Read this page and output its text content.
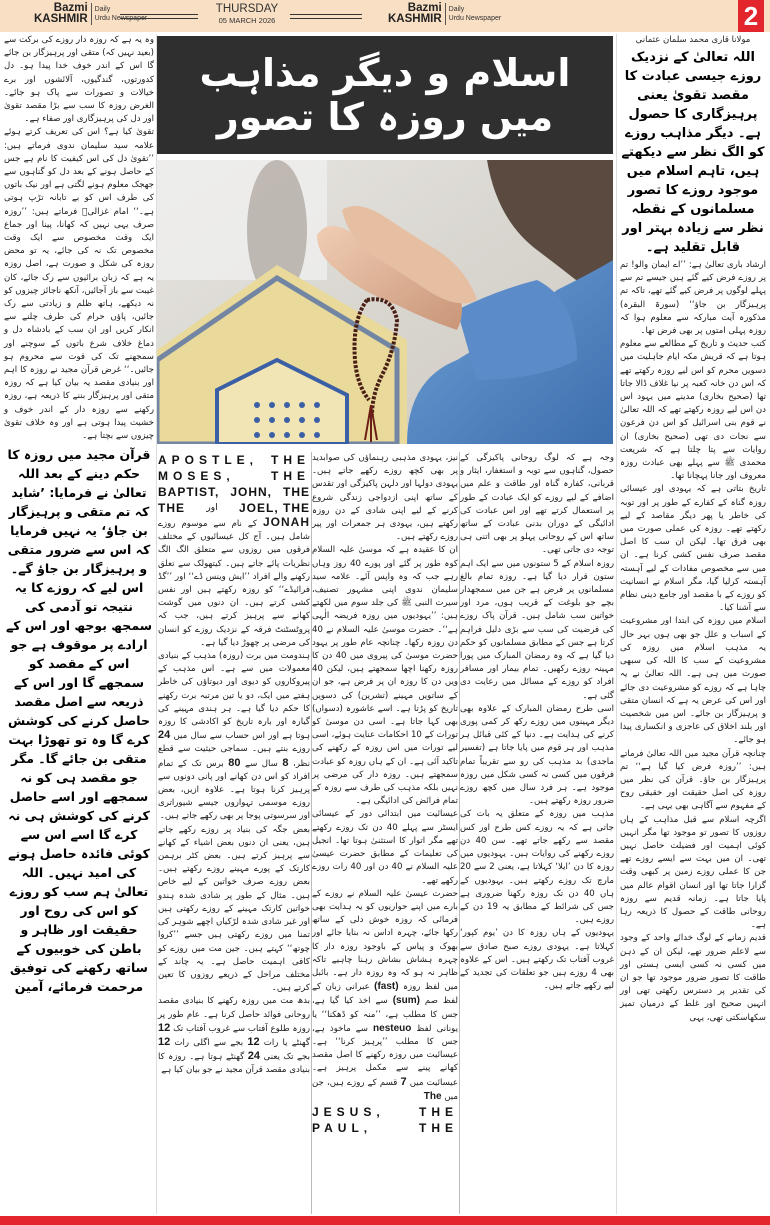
Bazmi
KASHMIR
Daily
Urdu Newspaper
THURSDAY
05 MARCH 2026
Bazmi
KASHMIR
Daily
Urdu Newspaper	2
اسلام و دیگر مذاہب میں روزہ کا تصور

وہ یہ ہے کہ روزہ دار روزے کی برکت سے (بعید نہیں کہ) متقی اور پرہیزگار بن جائے گا اس کے اندر خوف خدا پیدا ہو۔ دل کدورتوں، گندگیوں، آلائشوں اور برے خیالات و تصورات سے پاک ہو جائے۔ الغرض روزہ کا سب سے بڑا مقصد تقویٰ اور دل کی پرہیزگاری اور صفاء ہے۔

تقویٰ کیا ہے؟ اس کی تعریف کرتے ہوئے علامہ سید سلیمان ندوی فرماتے ہیں: ’’تقویٰ دل کی اس کیفیت کا نام ہے جس کے حاصل ہونے کے بعد دل کو گناہوں سے جھجک معلوم ہونے لگتی ہے اور نیک باتوں کی طرف اس کو بے تابانہ تڑپ ہوتی ہے۔‘‘ امام غزالیؒ فرماتے ہیں: ’’روزہ صرف یہی نہیں کہ کھانا، پینا اور جماع ایک وقت مخصوص سے ایک وقت مخصوص تک نہ کی جائے، یہ تو محض روزہ کی شکل و صورت ہے، اصل روزہ یہ ہے کہ زبان برائیوں سے رک جائے، کان غیبت سے باز آجائیں، آنکھ ناجائز چیزوں کو نہ دیکھے، ہاتھ ظلم و زیادتی سے رک جائیں، پاؤں حرام کی طرف چلنے سے انکار کریں اور ان سب کے بادشاہ دل و دماغ خلاف شرع باتوں کے سوچنے اور سمجھنے تک کی قوت سے محروم ہو جائیں۔‘‘ غرض قرآن مجید نے روزہ کا اہم اور بنیادی مقصد یہ بیان کیا ہے کہ روزہ متقی اور پرہیزگار بننے کا ذریعہ ہے، روزہ رکھنے سے روزہ دار کے اندر خوف و خشیت پیدا ہوتی ہے اور وہ خلاف تقویٰ چیزوں سے بچتا ہے۔

قرآن مجید میں روزہ کا حکم دینے کے بعد اللہ تعالیٰ نے فرمایا: ’شاید کہ تم متقی و پرہیزگار بن جاؤ‘ یہ نہیں فرمایا کہ اس سے ضرور متقی و پرہیزگار بن جاؤ گے۔ اس لیے کہ روزے کا یہ نتیجہ تو آدمی کی سمجھ بوجھ اور اس کے ارادے پر موقوف ہے جو اس کے مقصد کو سمجھے گا اور اس کے ذریعہ سے اصل مقصد حاصل کرنے کی کوشش کرے گا وہ تو تھوڑا بہت متقی بن جائے گا۔ مگر جو مقصد ہی کو نہ سمجھے اور اسے حاصل کرنے کی کوشش ہی نہ کرے گا اسے اس سے کوئی فائدہ حاصل ہونے کی امید نہیں۔ اللہ تعالیٰ ہم سب کو روزے کو اس کی روح اور حقیقت اور ظاہر و باطن کی خوبیوں کے ساتھ رکھنے کی توفیق مرحمت فرمائے، آمین
مولانا قاری محمد سلمان عثمانی
اللہ تعالیٰ کے نزدیک روزے جیسی عبادت کا مقصد تقویٰ یعنی پرہیزگاری کا حصول ہے۔ دیگر مذاہب روزے کو الگ نظر سے دیکھتے ہیں، تاہم اسلام میں موجود روزے کا تصور مسلمانوں کے نقطہ نظر سے زیادہ بہتر اور قابل تقلید ہے۔

ارشاد باری تعالیٰ ہے: ’’اے ایمان والو! تم پر روزے فرض کیے گئے ہیں جیسے تم سے پہلے لوگوں پر فرض کیے گئے تھے، تاکہ تم پرہیزگار بن جاؤ‘‘ (سورۃ البقرہ) مذکورہ آیت مبارکہ سے معلوم ہوا کہ روزہ پہلی امتوں پر بھی فرض تھا۔

کتب حدیث و تاریخ کے مطالعے سے معلوم ہوتا ہے کہ قریش مکہ ایام جاہلیت میں دسویں محرم کو اس لیے روزہ رکھتے تھے کہ اس دن خانہ کعبہ پر نیا غلاف ڈالا جاتا تھا (صحیح بخاری) مدینے میں یہود اس دن اس لیے روزہ رکھتے تھے کہ اللہ تعالیٰ نے قوم بنی اسرائیل کو اس دن فرعون سے نجات دی تھی (صحیح بخاری) ان روایات سے پتا چلتا ہے کہ شریعت محمدی ﷺ سے پہلے بھی عبادت روزہ معروف اور جانا پہچانا تھا۔

تاریخ بتاتی ہے کہ یہودی اور عیسائی روزہ گناہ کے کفارے کے طور پر اور توبہ کی خاطر یا پھر دیگر مقاصد کے لیے رکھتے تھے۔ روزہ کی عملی صورت میں بھی فرق تھا۔ لیکن ان سب کا اصل مقصد صرف نفس کشی کرنا ہے۔ ان میں سے مخصوص مفادات کے لیے آہستہ آہستہ کرلیا گیا، مگر اسلام نے انسانیت کو روزے کے با مقصد اور جامع دینی نظام سے آشنا کیا۔

اسلام میں روزہ کی ابتدا اور مشروعیت کے اسباب و علل جو بھی ہوں بہر حال یہ مذہب اسلام میں روزہ کی مشروعیت کے سب کا اللہ کی سبھی صورت میں ہی ہے۔ اللہ تعالیٰ نے یہ چاہا ہے کہ روزے کو مشروعیت دی جائے اور اس کی عرض یہ ہے کہ انسان متقی و پرہیزگار بن جائے۔ اس میں شخصیت اور بلند اخلاق کی عاجزی و انکساری پیدا ہو جائے۔

چنانچہ قرآن مجید میں اللہ تعالیٰ فرماتے ہیں: ’’روزہ فرض کیا گیا ہے‘‘ تم پرہیزگار بن جاؤ۔ قرآن کی نظر میں روزہ کی اصل حقیقت اور خقیقی روح کے مفہوم سے آگاہی بھی یہی ہے۔

اگرچہ اسلام سے قبل مذاہب کے ہاں روزوں کا تصور تو موجود تھا مگر انہیں کوئی اہمیت اور فضیلت حاصل نہیں تھی۔ ان میں بہت سے ایسے روزے تھے جن کا عملی روزے زمین پر کبھی وقت گزارا جاتا تھا اور انسان اقوام عالم میں پایا جاتا ہے۔ زمانہ قدیم سے روزہ روحانی طاقت کے حصول کا ذریعہ رہا ہے۔

قدیم زمانے کے لوگ خدائے واحد کے وجود سے لاعلم ضرور تھے، لیکن ان کے ذہن میں کسی نہ کسی ایسی ہستی اور طاقت کا تصور ضرور موجود تھا جو ان کی تقدیر پر دسترس رکھتی تھی اور انہیں صحیح اور غلط کے درمیان تمیز سکھاسکتی تھی، یہی

وجہ ہے کہ لوگ روحانی پاکیزگی کے حصول، گناہوں سے توبہ و استغفار، ایثار و قربانی، کفارہ گناہ اور طاقت و علم میں اضافے کے لیے روزے کو ایک عبادت کے طور پر استعمال کرتے تھے اور اس عبادت کی ادائیگی کے دوران بدنی عبادت کے ساتھ ساتھ اس کے روحانی پہلو پر بھی اتنی ہی توجہ دی جاتی تھی۔

روزہ اسلام کے 5 ستونوں میں سے ایک اہم ستون قرار دیا گیا ہے۔ روزہ تمام بالغ مسلمانوں پر فرض ہے جن میں سمجھدار بچے جو بلوغت کے قریب ہوں، مرد اور خواتین سب شامل ہیں۔ قرآن پاک روزے کی فرضیت کی سب سے بڑی دلیل فراہم کرتا ہے جس کے مطابق مسلمانوں کو حکم دیا گیا ہے کہ وہ رمضان المبارک میں پورا مہینہ روزے رکھیں۔ تمام بیمار اور مسافر افراد کو روزے کے مسائل میں رعایت دی گئی ہے۔

اسی طرح رمضان المبارک کے علاوہ بھی دیگر مہینوں میں روزے رکھ کر کمی پوری کرنے کی ہدایت ہے۔ دنیا کے کئی قبائل ہر مذہب اور ہر قوم میں پایا جاتا ہے (تفسیر ماجدی) بد مذہب کی رو سے تقریباً تمام فرقوں میں کسی نہ کسی شکل میں روزہ موجود ہے۔ ہر فرد سال میں کچھ روزے ضرور روزہ رکھتے ہیں۔

مذہب میں روزہ کے متعلق یہ بات کی جاتی ہے کہ یہ روزے کس طرح اور کس مقصد سے رکھے جاتے تھے۔ سن 40 دن روزے رکھنے کی روایات ہیں۔ یہودیوں میں روزہ کا دن ’ایلا‘ کہلاتا ہے، یعنی 2 سے 20 مارچ تک روزے رکھتے ہیں۔ یہودیوں کے ہاں 40 دن تک روزہ رکھنا ضروری ہے جس کی شرائط کے مطابق یہ 19 دن کے روزے ہیں۔

یہودیوں کے ہاں روزہ کا دن ’یوم کپور‘ کہلاتا ہے۔ یہودی روزے صبح صادق سے غروب آفتاب تک رکھتے ہیں۔ اس کے علاوہ بھی 4 روزے ہیں جو تعلقات کی تجدید کے لیے رکھے جاتے ہیں۔

نیز، یہودی مذہبی رہنماؤں کی صوابدید پر بھی کچھ روزے رکھے جاتے ہیں۔ یہودی دولہا اور دلہن پاکیزگی اور تقدس کے ساتھ اپنی ازدواجی زندگی شروع کرنے کے لیے اپنی شادی کے دن روزہ رکھتے ہیں، یہودی ہر جمعرات اور پیر روزے رکھتے ہیں۔

ان کا عقیدہ ہے کہ موسیٰ علیہ السلام کوہ طور پر گئے اور پورے 40 روز وہاں رہے جب کہ وہ واپس آئے۔ علامہ سید سلیمان ندوی اپنی مشہور تصنیف، سیرت النبی ﷺ کی جلد سوم میں لکھتے ہیں: ’’یہودیوں میں روزہ فریضہ الٰہی ہے‘‘۔ حضرت موسیٰ علیہ السلام نے 40 دن روزہ رکھا۔ چنانچہ عام طور پر یہود حضرت موسیٰ کی پیروی میں 40 دن کا روزہ رکھنا اچھا سمجھتے ہیں، لیکن 40 ویں دن کا روزہ ان پر فرض ہے، جو ان کے ساتویں مہینے (تشرین) کی دسویں تاریخ کو پڑتا ہے۔ اسے عاشورہ (دسواں) بھی کہا جاتا ہے۔ اسی دن موسیٰ کو تورات کے 10 احکامات عنایت ہوئے، اسی لیے تورات میں اس روزہ کے رکھنے کی تاکید آئی ہے۔ ان کے ہاں روزہ کو عبادت سمجھتے ہیں۔ روزہ دار کی مرضی پر نہیں بلکہ مذہب کی طرف سے روزہ کے تمام فرائض کی ادائیگی ہے۔

عیسائیت میں ابتدائی دور کے عیسائی ایسٹر سے پہلے 40 دن تک روزے رکھتے تھے مگر اتوار کا استثنیٰ ہوتا تھا۔ انجیل کی تعلیمات کے مطابق حضرت عیسیٰ علیہ السلام نے 40 دن اور 40 رات روزے رکھے تھے۔

حضرت عیسیٰ علیہ السلام نے روزے کے بارے میں اپنے حواریوں کو یہ ہدایت بھی فرمائی کہ روزہ خوش دلی کے ساتھ رکھا جائے، چہرہ اداس نہ بنایا جائے اور بھوک و پیاس کے باوجود روزہ دار کا چہرہ ہشاش بشاش رہنا چاہیے تاکہ ظاہر نہ ہو کہ وہ روزہ دار ہے۔ بائبل میں لفظ روزہ (fast) عبرانی زبان کے لفظ صم (sum) سے اخذ کیا گیا ہے، جس کا مطلب ہے، ’’منہ کو ڈھکنا‘‘ یا یونانی لفظ nesteuo سے ماخوذ ہے، جس کا مطلب ’’پرہیز کرنا‘‘ ہے۔ عیسائیت میں روزہ رکھنے کا اصل مقصد کھانے پینے سے مکمل پرہیز ہے۔ عیسائیت میں 7 قسم کے روزے ہیں، جن میں The

JESUS, THE
PAUL, THE
APOSTLE, THE
MOSES, THE
BAPTIST, JOHN, THE
THE اور JOEL, THE

JONAH کے نام سے موسوم روزے شامل ہیں۔ آج کل عیسائیوں کے مختلف فرقوں میں روزوں سے متعلق الگ الگ نظریات پائے جاتے ہیں۔ کیتھولک سے تعلق رکھنے والے افراد ’’ایش وینس ڈے‘‘ اور ’’گڈ فرائیڈے‘‘ کو روزہ رکھتے ہیں اور نفس کشی کرتے ہیں۔ ان دنوں میں گوشت کھانے سے پرہیز کرتے ہیں، جب کہ پروٹسٹنٹ فرقہ کے نزدیک روزے کو انسان کی مرضی پر چھوڑ دیا گیا ہے۔

ہندومت میں برت (روزہ) مذہب کے بنیادی معمولات میں سے ہے۔ اس مذہب کے پیروکاروں کو دیوی اور دیوتاؤں کی خاطر ہفتے میں ایک، دو یا تین مرتبہ برت رکھنے کا حکم دیا گیا ہے۔ ہر ہندی مہینے کی گیارہ اور بارہ تاریخ کو اکادشی کا روزہ ہوتا ہے اور اس حساب سے سال میں 24 روزے بنتے ہیں۔ سماجی حیثیت سے قطع نظر، 8 سال سے 80 برس تک کے تمام افراد کو اس دن کھانے اور پانی دونوں سے پرہیز کرنا ہوتا ہے۔ علاوہ ازیں، بعض روزے موسمی تہواروں جیسے شیوراتری اور سرسوتی پوجا پر بھی رکھے جاتے ہیں۔

بعض جگہ کی بنیاد پر روزے رکھے جاتے ہیں، یعنی ان دنوں بعض اشیاء کے کھانے سے پرہیز کرتے ہیں۔ بعض کٹر برہمن کارتک کے پورے مہینے روزے رکھتے ہیں۔ بعض روزے صرف خواتین کے لیے خاص ہیں۔ مثال کے طور پر شادی شدہ ہندو خواتین کارتک مہینے کے روزے رکھتی ہیں اور غیر شادی شدہ لڑکیاں اچھے شوہر کی تمنا میں روزے رکھتی ہیں جسے ’’کروا چوتھ‘‘ کہتے ہیں۔ جین مت میں روزے کو کافی اہمیت حاصل ہے۔ یہ چاند کے مختلف مراحل کے ذریعے روزوں کا تعین کرتے ہیں۔

بدھ مت میں روزہ رکھنے کا بنیادی مقصد روحانی فوائد حاصل کرنا ہے۔ عام طور پر روزہ طلوع آفتاب سے غروب آفتاب تک 12 گھنٹے یا رات 12 بجے سے اگلی رات 12 بجے تک یعنی 24 گھنٹے ہوتا ہے۔ روزہ کا بنیادی مقصد قرآن مجید نے جو بیان کیا ہے
